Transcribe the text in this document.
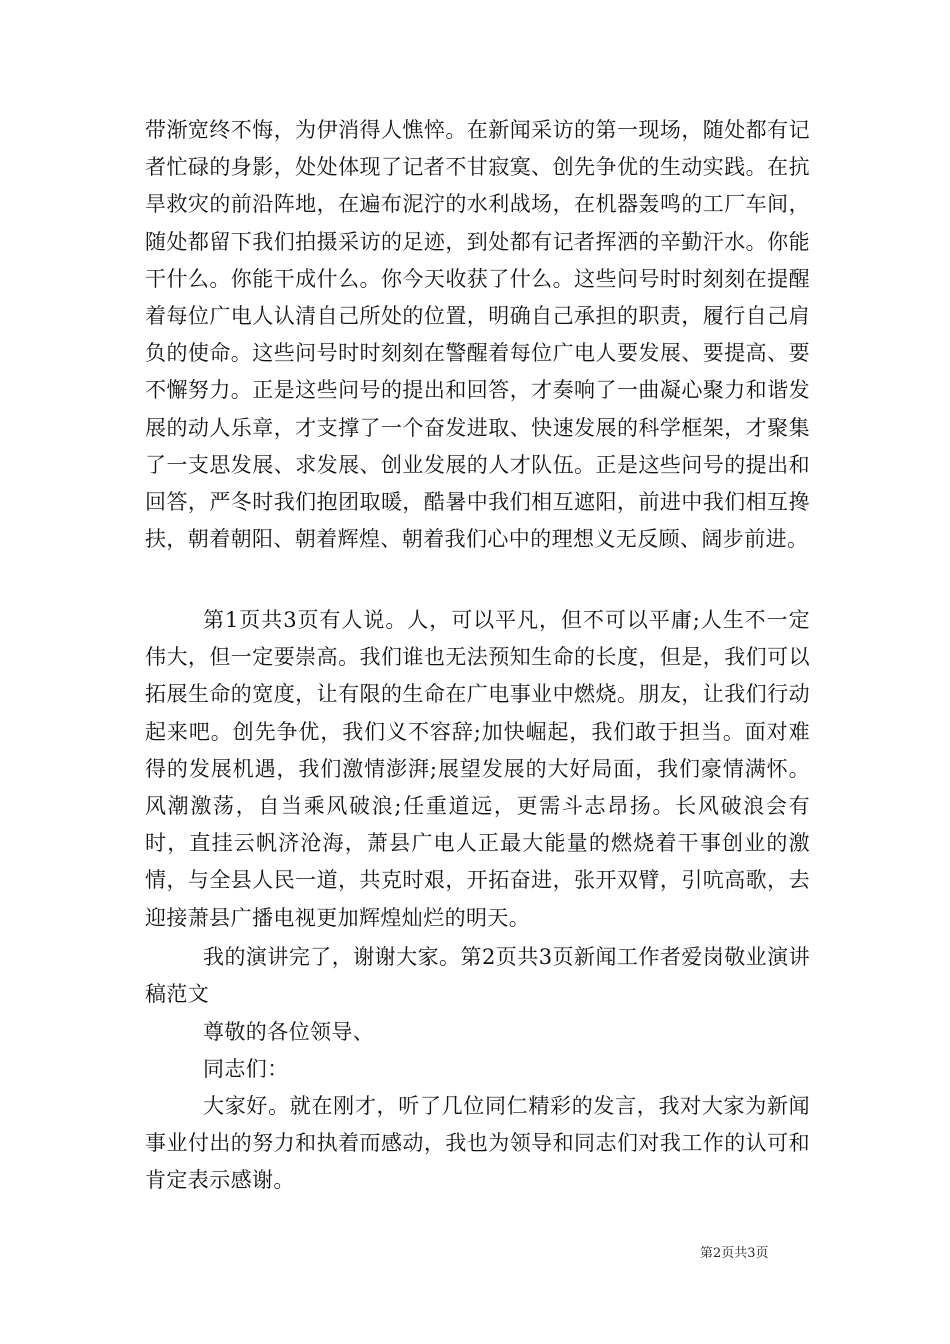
带渐宽终不悔，为伊消得人憔悴。在新闻采访的第一现场，随处都有记者忙碌的身影，处处体现了记者不甘寂寞、创先争优的生动实践。在抗旱救灾的前沿阵地，在遍布泥泞的水利战场，在机器轰鸣的工厂车间，随处都留下我们拍摄采访的足迹，到处都有记者挥洒的辛勤汗水。你能干什么。你能干成什么。你今天收获了什么。这些问号时时刻刻在提醒着每位广电人认清自己所处的位置，明确自己承担的职责，履行自己肩负的使命。这些问号时时刻刻在警醒着每位广电人要发展、要提高、要不懈努力。正是这些问号的提出和回答，才奏响了一曲凝心聚力和谐发展的动人乐章，才支撑了一个奋发进取、快速发展的科学框架，才聚集了一支思发展、求发展、创业发展的人才队伍。正是这些问号的提出和回答，严冬时我们抱团取暖，酷暑中我们相互遮阳，前进中我们相互搀扶，朝着朝阳、朝着辉煌、朝着我们心中的理想义无反顾、阔步前进。

第1页共3页有人说。人，可以平凡，但不可以平庸;人生不一定伟大，但一定要崇高。我们谁也无法预知生命的长度，但是，我们可以拓展生命的宽度，让有限的生命在广电事业中燃烧。朋友，让我们行动起来吧。创先争优，我们义不容辞;加快崛起，我们敢于担当。面对难得的发展机遇，我们激情澎湃;展望发展的大好局面，我们豪情满怀。风潮激荡，自当乘风破浪;任重道远，更需斗志昂扬。长风破浪会有时，直挂云帆济沧海，萧县广电人正最大能量的燃烧着干事创业的激情，与全县人民一道，共克时艰，开拓奋进，张开双臂，引吭高歌，去迎接萧县广播电视更加辉煌灿烂的明天。

我的演讲完了，谢谢大家。第2页共3页新闻工作者爱岗敬业演讲稿范文

尊敬的各位领导、

同志们：

大家好。就在刚才，听了几位同仁精彩的发言，我对大家为新闻事业付出的努力和执着而感动，我也为领导和同志们对我工作的认可和肯定表示感谢。

第2页共3页
